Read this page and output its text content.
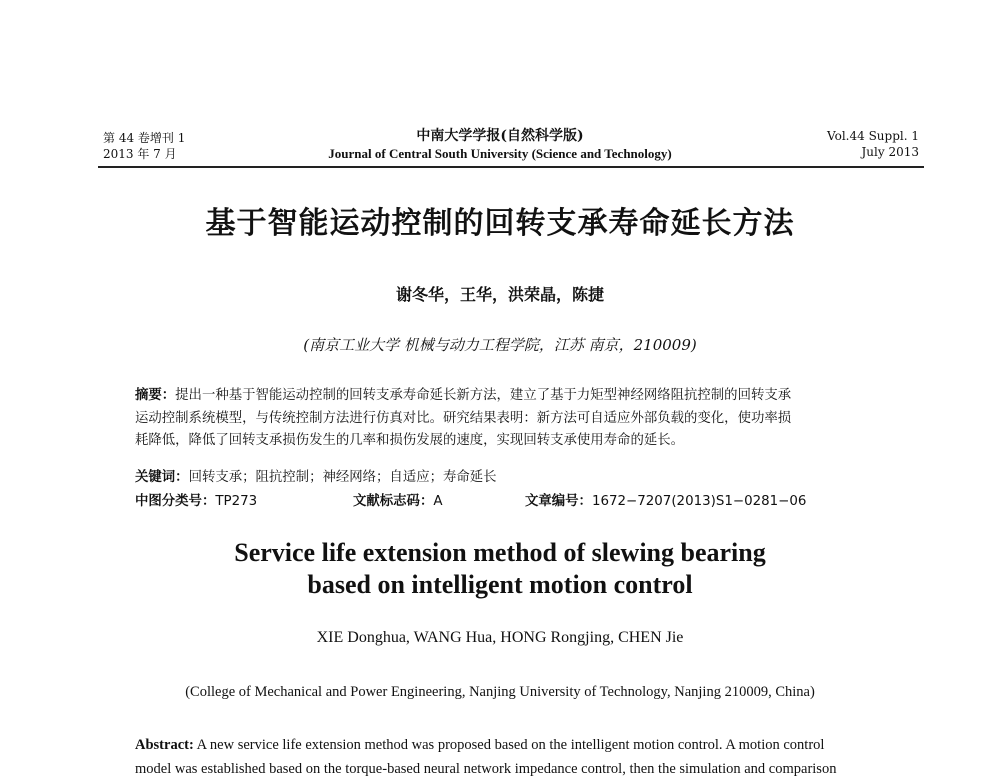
第 44 卷增刊 1
2013 年 7 月
中南大学学报(自然科学版)
Journal of Central South University (Science and Technology)
Vol.44 Suppl. 1
July 2013
基于智能运动控制的回转支承寿命延长方法
谢冬华，王华，洪荣晶，陈捷
(南京工业大学 机械与动力工程学院，江苏 南京，210009)
摘要：提出一种基于智能运动控制的回转支承寿命延长新方法，建立了基于力矩型神经网络阻抗控制的回转支承
运动控制系统模型，与传统控制方法进行仿真对比。研究结果表明：新方法可自适应外部负载的变化，使功率损
耗降低，降低了回转支承损伤发生的几率和损伤发展的速度，实现回转支承使用寿命的延长。
关键词：回转支承；阻抗控制；神经网络；自适应；寿命延长
中图分类号：TP273	文献标志码：A	文章编号：1672−7207(2013)S1−0281−06
Service life extension method of slewing bearing
based on intelligent motion control
XIE Donghua, WANG Hua, HONG Rongjing, CHEN Jie
(College of Mechanical and Power Engineering, Nanjing University of Technology, Nanjing 210009, China)
Abstract: A new service life extension method was proposed based on the intelligent motion control. A motion control
model was established based on the torque-based neural network impedance control, then the simulation and comparison
